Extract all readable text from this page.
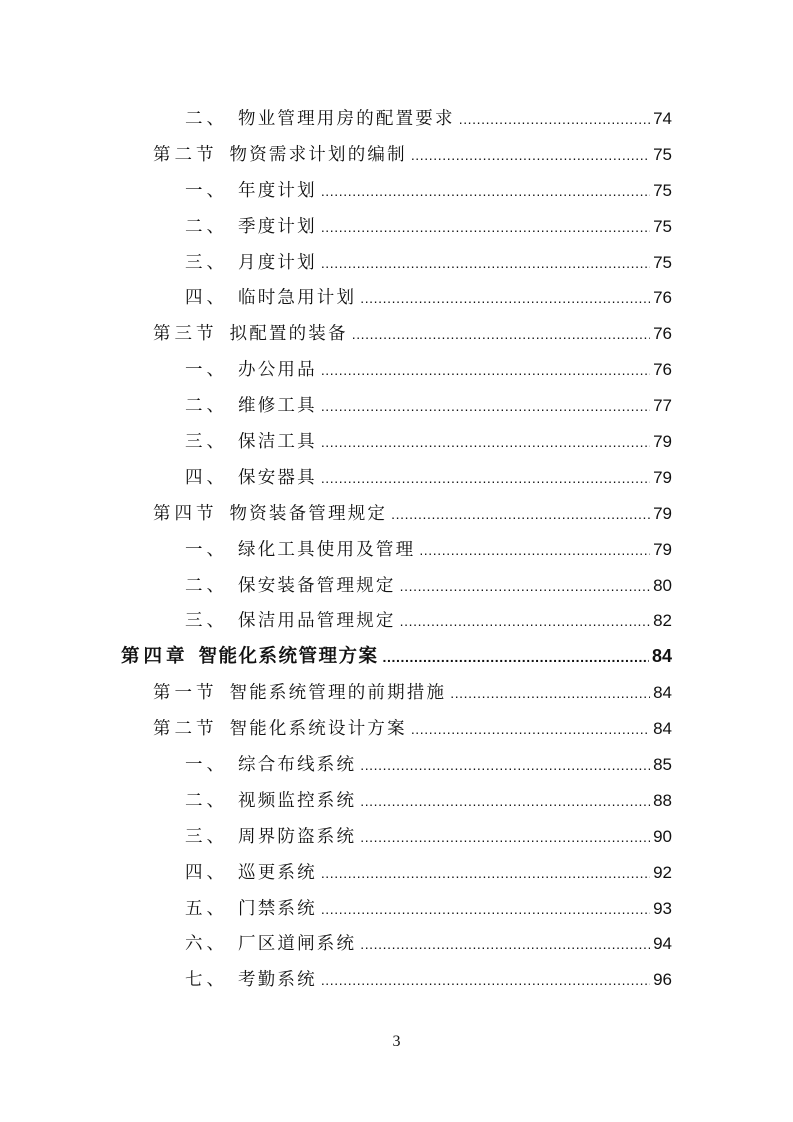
二、 物业管理用房的配置要求 .....	74
第二节 物资需求计划的编制 .....	75
一、 年度计划 .....	75
二、 季度计划 .....	75
三、 月度计划 .....	75
四、 临时急用计划 .....	76
第三节 拟配置的装备 .....	76
一、 办公用品 .....	76
二、 维修工具 .....	77
三、 保洁工具 .....	79
四、 保安器具 .....	79
第四节 物资装备管理规定 .....	79
一、 绿化工具使用及管理 .....	79
二、 保安装备管理规定 .....	80
三、 保洁用品管理规定 .....	82
第四章 智能化系统管理方案 .....	84
第一节 智能系统管理的前期措施 .....	84
第二节 智能化系统设计方案 .....	84
一、 综合布线系统 .....	85
二、 视频监控系统 .....	88
三、 周界防盗系统 .....	90
四、 巡更系统 .....	92
五、 门禁系统 .....	93
六、 厂区道闸系统 .....	94
七、 考勤系统 .....	96
3
